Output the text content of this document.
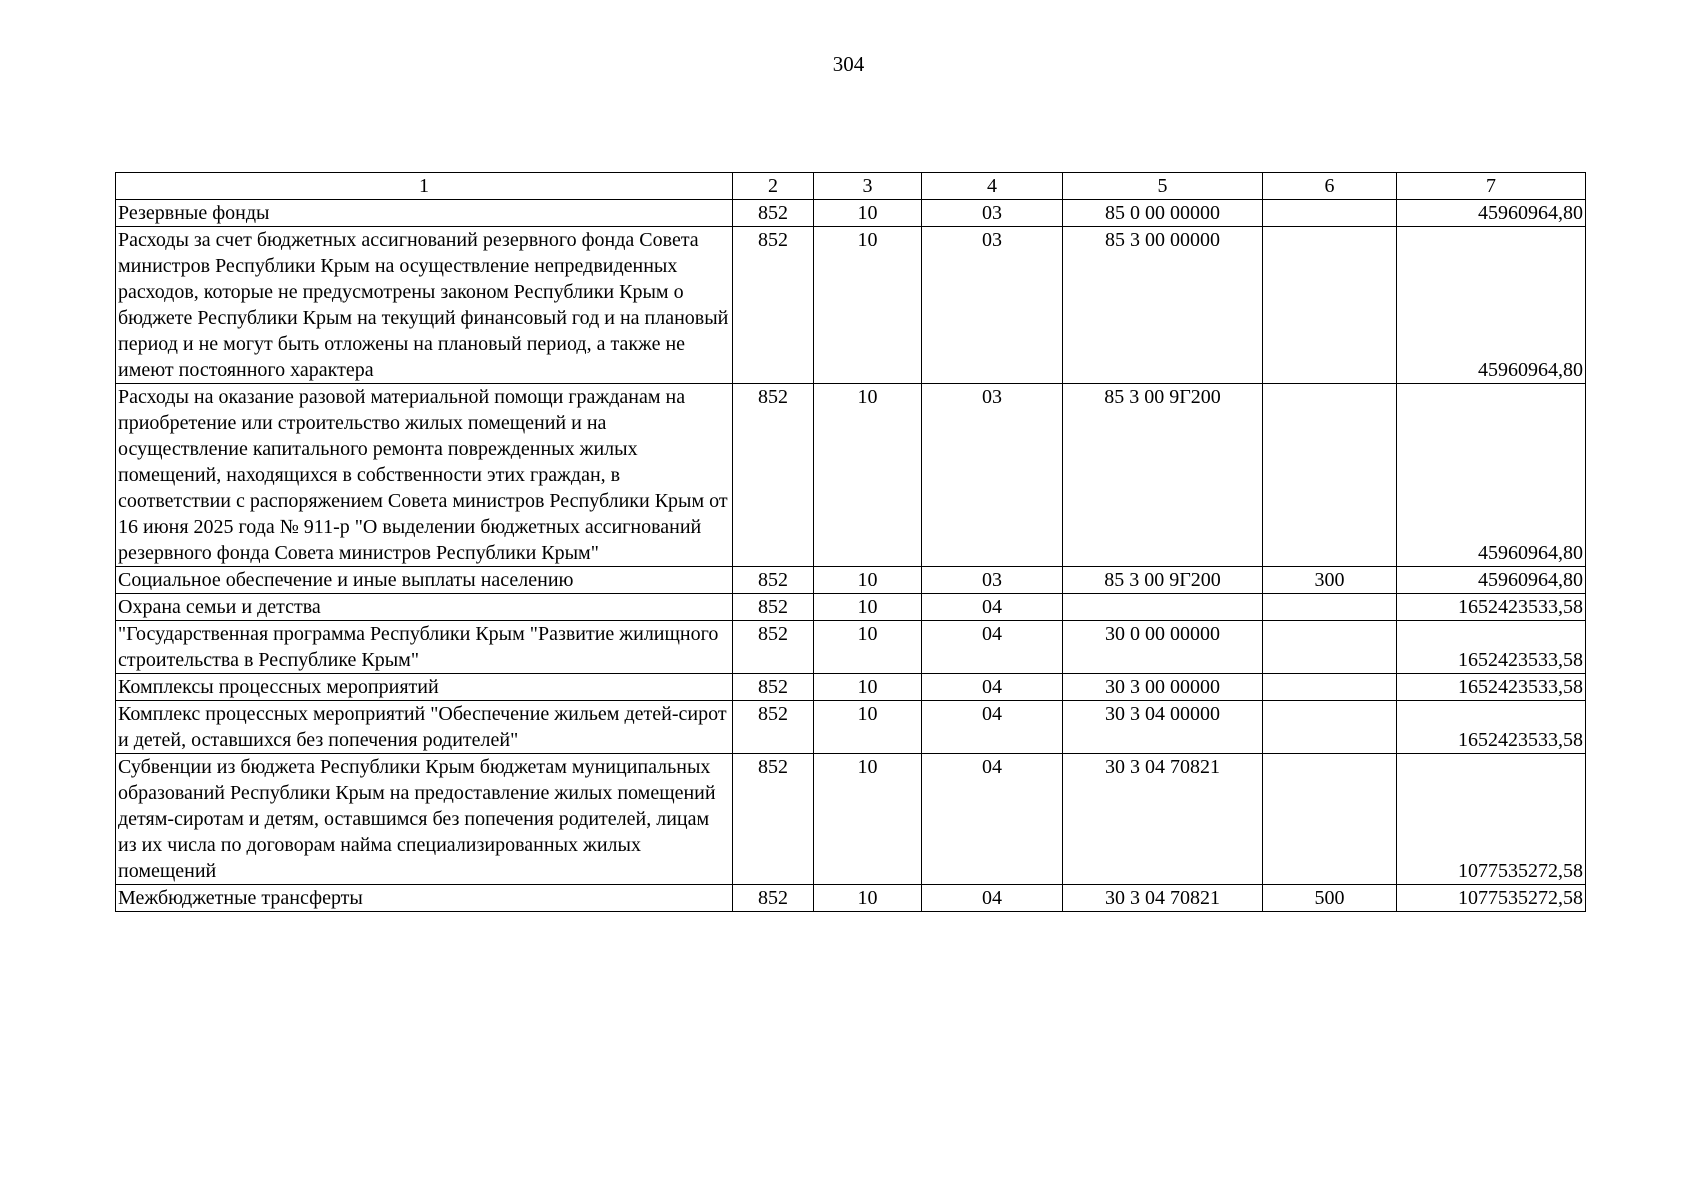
304
1	2	3	4	5	6	7
Резервные фонды	852	10	03	85 0 00 00000		45960964,80
Расходы за счет бюджетных ассигнований резервного фонда Совета министров Республики Крым на осуществление непредвиденных расходов, которые не предусмотрены законом Республики Крым о бюджете Республики Крым на текущий финансовый год и на плановый период и не могут быть отложены на плановый период, а также не имеют постоянного характера	852	10	03	85 3 00 00000		45960964,80
Расходы на оказание разовой материальной помощи гражданам на приобретение или строительство жилых помещений и на осуществление капитального ремонта поврежденных жилых помещений, находящихся в собственности этих граждан, в соответствии с распоряжением Совета министров Республики Крым от 16 июня 2025 года № 911-р "О выделении бюджетных ассигнований резервного фонда Совета министров Республики Крым"	852	10	03	85 3 00 9Г200		45960964,80
Социальное обеспечение и иные выплаты населению	852	10	03	85 3 00 9Г200	300	45960964,80
Охрана семьи и детства	852	10	04			1652423533,58
"Государственная программа Республики Крым "Развитие жилищного строительства в Республике Крым"	852	10	04	30 0 00 00000		1652423533,58
Комплексы процессных мероприятий	852	10	04	30 3 00 00000		1652423533,58
Комплекс процессных мероприятий "Обеспечение жильем детей-сирот и детей, оставшихся без попечения родителей"	852	10	04	30 3 04 00000		1652423533,58
Субвенции из бюджета Республики Крым бюджетам муниципальных образований Республики Крым на предоставление жилых помещений детям-сиротам и детям, оставшимся без попечения родителей, лицам из их числа по договорам найма специализированных жилых помещений	852	10	04	30 3 04 70821		1077535272,58
Межбюджетные трансферты	852	10	04	30 3 04 70821	500	1077535272,58
